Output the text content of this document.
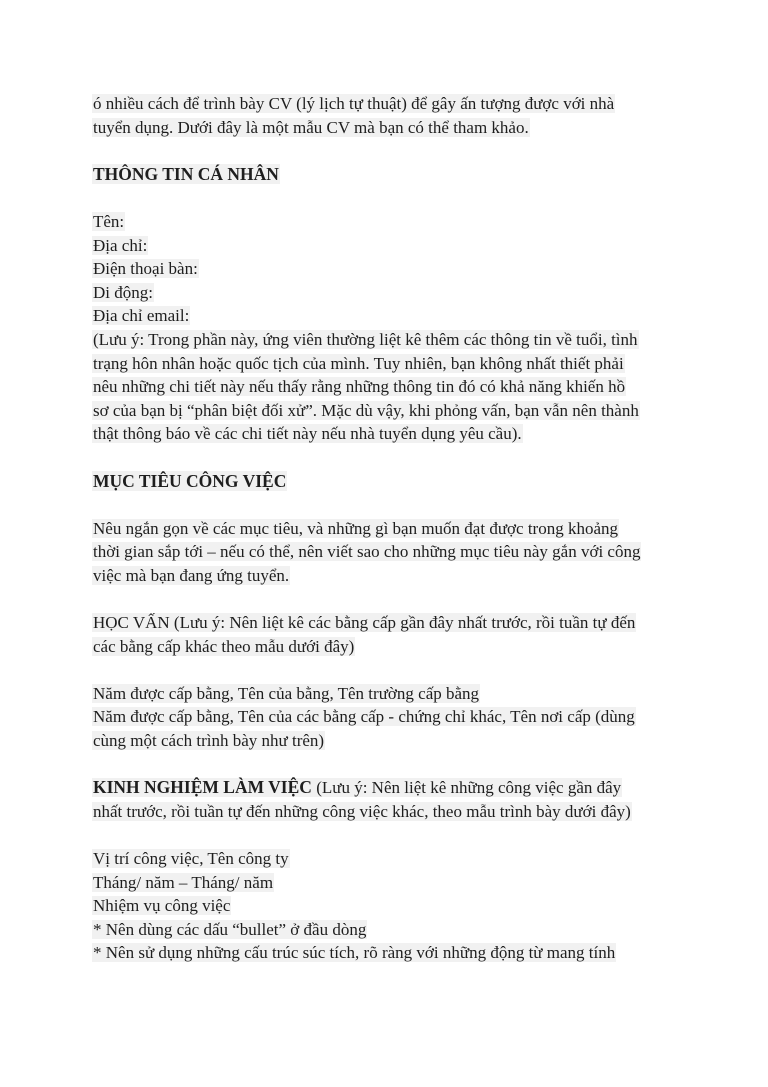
ó nhiều cách để trình bày CV (lý lịch tự thuật) để gây ấn tượng được với nhà
tuyển dụng. Dưới đây là một mẫu CV mà bạn có thể tham khảo.
THÔNG TIN CÁ NHÂN
Tên:
Địa chỉ:
Điện thoại bàn:
Di động:
Địa chỉ email:
(Lưu ý: Trong phần này, ứng viên thường liệt kê thêm các thông tin về tuổi, tình
trạng hôn nhân hoặc quốc tịch của mình. Tuy nhiên, bạn không nhất thiết phải
nêu những chi tiết này nếu thấy rằng những thông tin đó có khả năng khiến hồ
sơ của bạn bị “phân biệt đối xử”. Mặc dù vậy, khi phỏng vấn, bạn vẫn nên thành
thật thông báo về các chi tiết này nếu nhà tuyển dụng yêu cầu).
MỤC TIÊU CÔNG VIỆC
Nêu ngắn gọn về các mục tiêu, và những gì bạn muốn đạt được trong khoảng
thời gian sắp tới – nếu có thể, nên viết sao cho những mục tiêu này gắn với công
việc mà bạn đang ứng tuyển.
HỌC VẤN (Lưu ý: Nên liệt kê các bằng cấp gần đây nhất trước, rồi tuần tự đến
các bằng cấp khác theo mẫu dưới đây)
Năm được cấp bằng, Tên của bằng, Tên trường cấp bằng
Năm được cấp bằng, Tên của các bằng cấp - chứng chỉ khác, Tên nơi cấp (dùng
cùng một cách trình bày như trên)
KINH NGHIỆM LÀM VIỆC (Lưu ý: Nên liệt kê những công việc gần đây
nhất trước, rồi tuần tự đến những công việc khác, theo mẫu trình bày dưới đây)
Vị trí công việc, Tên công ty
Tháng/ năm – Tháng/ năm
Nhiệm vụ công việc
* Nên dùng các dấu “bullet” ở đầu dòng
* Nên sử dụng những cấu trúc súc tích, rõ ràng với những động từ mang tính
